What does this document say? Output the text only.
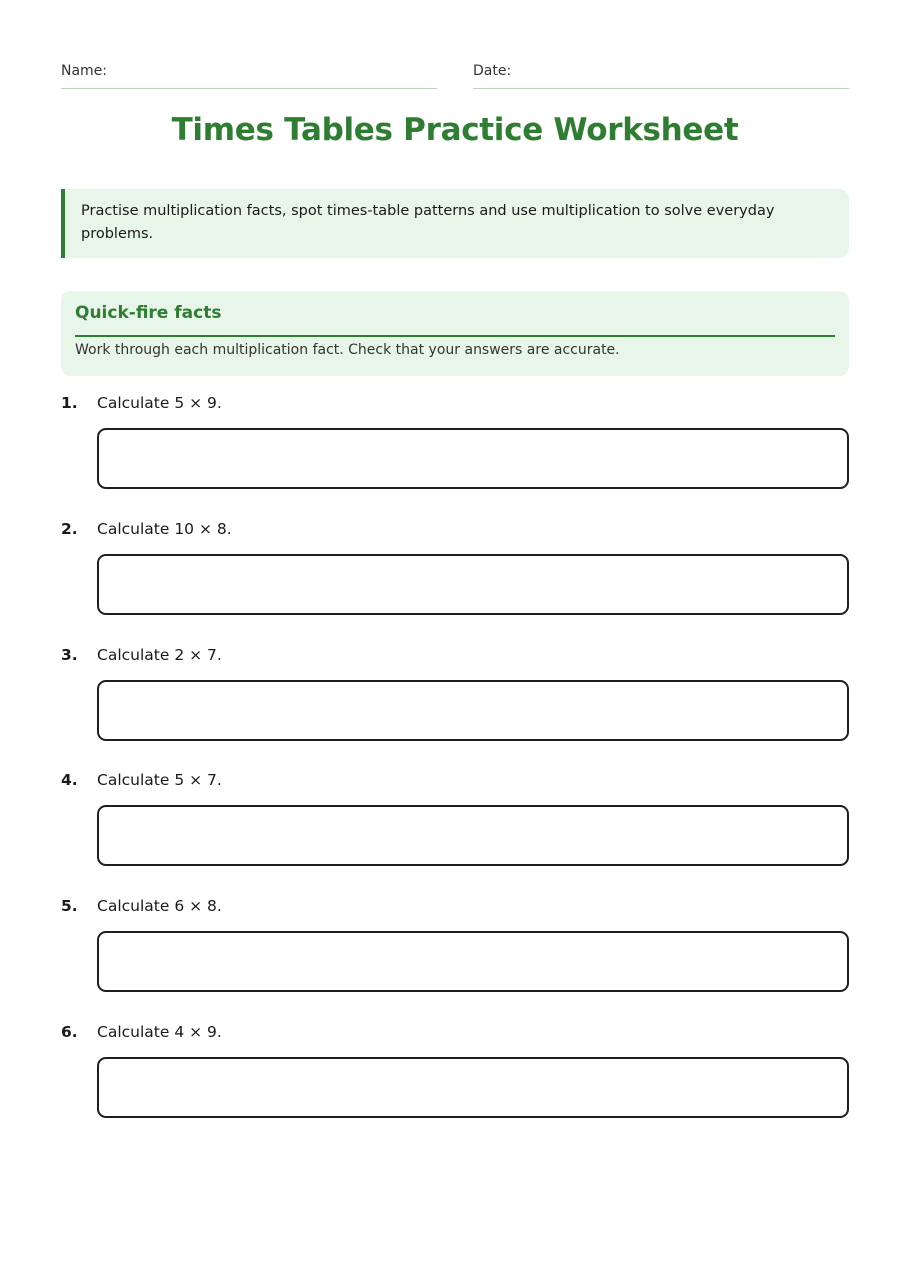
Name:	Date:
Times Tables Practice Worksheet
Practise multiplication facts, spot times-table patterns and use multiplication to solve everyday problems.
Quick-fire facts
Work through each multiplication fact. Check that your answers are accurate.
1. Calculate 5 × 9.
2. Calculate 10 × 8.
3. Calculate 2 × 7.
4. Calculate 5 × 7.
5. Calculate 6 × 8.
6. Calculate 4 × 9.
